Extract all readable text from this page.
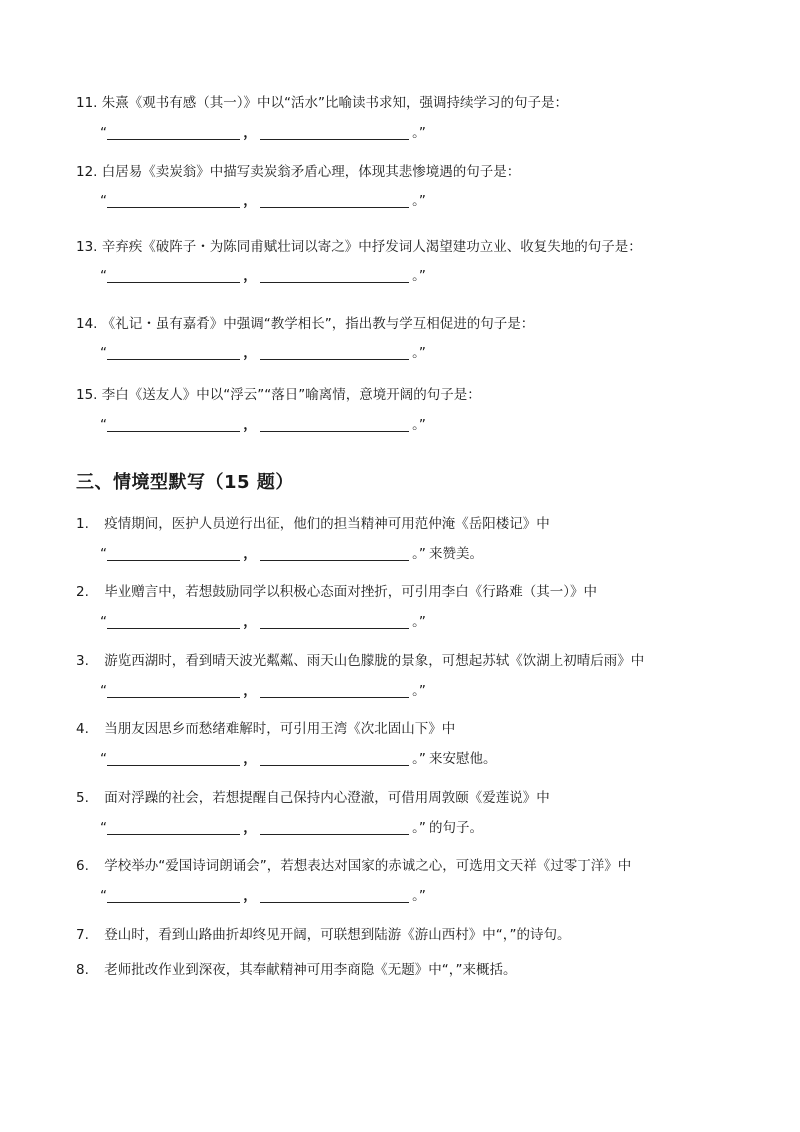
11. 朱熹《观书有感（其一）》中以“活水”比喻读书求知，强调持续学习的句子是：
“	，	。”
12. 白居易《卖炭翁》中描写卖炭翁矛盾心理，体现其悲惨境遇的句子是：
“	，	。”
13. 辛弃疾《破阵子・为陈同甫赋壮词以寄之》中抒发词人渴望建功立业、收复失地的句子是：
“	，	。”
14. 《礼记・虽有嘉肴》中强调“教学相长”，指出教与学互相促进的句子是：
“	，	。”
15. 李白《送友人》中以“浮云”“落日”喻离情，意境开阔的句子是：
“	，	。”
三、情境型默写（15 题）
1. 疫情期间，医护人员逆行出征，他们的担当精神可用范仲淹《岳阳楼记》中
“	，	。” 来赞美。
2. 毕业赠言中，若想鼓励同学以积极心态面对挫折，可引用李白《行路难（其一）》中
“	，	。”
3. 游览西湖时，看到晴天波光粼粼、雨天山色朦胧的景象，可想起苏轼《饮湖上初晴后雨》中
“	，	。”
4. 当朋友因思乡而愁绪难解时，可引用王湾《次北固山下》中
“	，	。” 来安慰他。
5. 面对浮躁的社会，若想提醒自己保持内心澄澈，可借用周敦颐《爱莲说》中
“	，	。” 的句子。
6. 学校举办“爱国诗词朗诵会”，若想表达对国家的赤诚之心，可选用文天祥《过零丁洋》中
“	，	。”
7. 登山时，看到山路曲折却终见开阔，可联想到陆游《游山西村》中“，”的诗句。
8. 老师批改作业到深夜，其奉献精神可用李商隐《无题》中“，”来概括。
